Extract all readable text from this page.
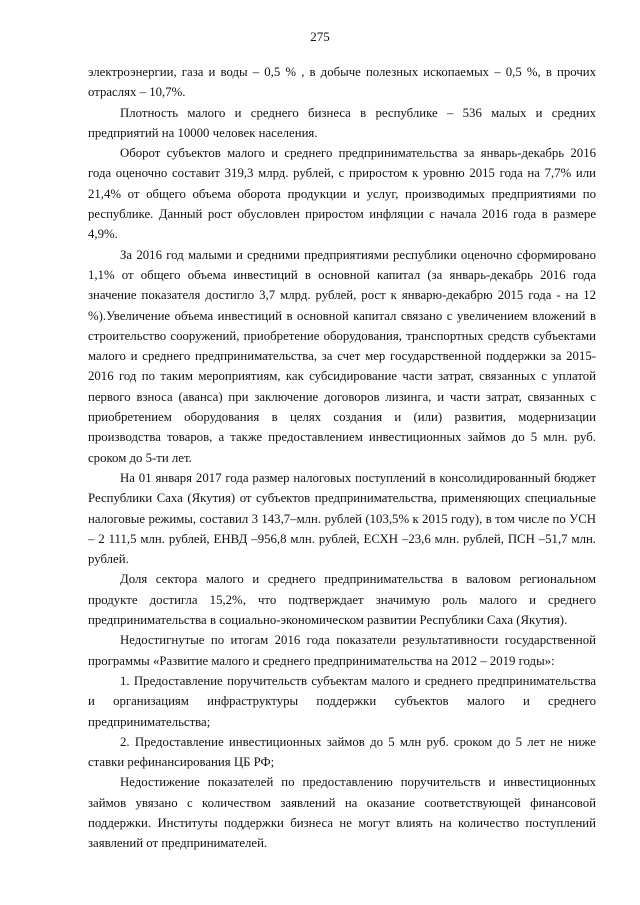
275

электроэнергии, газа и воды – 0,5 % , в добыче полезных ископаемых – 0,5 %, в прочих отраслях – 10,7%.

Плотность малого и среднего бизнеса в республике – 536 малых и средних предприятий на 10000 человек населения.

Оборот субъектов малого и среднего предпринимательства за январь-декабрь 2016 года оценочно составит 319,3 млрд. рублей, с приростом к уровню 2015 года на 7,7% или 21,4% от общего объема оборота продукции и услуг, производимых предприятиями по республике. Данный рост обусловлен приростом инфляции с начала 2016 года в размере 4,9%.

За 2016 год малыми и средними предприятиями республики оценочно сформировано 1,1% от общего объема инвестиций в основной капитал (за январь-декабрь 2016 года значение показателя достигло 3,7 млрд. рублей, рост к январю-декабрю 2015 года - на 12 %).Увеличение объема инвестиций в основной капитал связано с увеличением вложений в строительство сооружений, приобретение оборудования, транспортных средств субъектами малого и среднего предпринимательства, за счет мер государственной поддержки за 2015-2016 год по таким мероприятиям, как субсидирование части затрат, связанных с уплатой первого взноса (аванса) при заключение договоров лизинга, и части затрат, связанных с приобретением оборудования в целях создания и (или) развития, модернизации производства товаров, а также предоставлением инвестиционных займов до 5 млн. руб. сроком до 5-ти лет.

На 01 января 2017 года размер налоговых поступлений в консолидированный бюджет Республики Саха (Якутия) от субъектов предпринимательства, применяющих специальные налоговые режимы, составил 3 143,7–млн. рублей (103,5% к 2015 году), в том числе по УСН – 2 111,5 млн. рублей, ЕНВД –956,8 млн. рублей, ЕСХН –23,6 млн. рублей, ПСН –51,7 млн. рублей.

Доля сектора малого и среднего предпринимательства в валовом региональном продукте достигла 15,2%, что подтверждает значимую роль малого и среднего предпринимательства в социально-экономическом развитии Республики Саха (Якутия).

Недостигнутые по итогам 2016 года показатели результативности государственной программы «Развитие малого и среднего предпринимательства на 2012 – 2019 годы»:

1. Предоставление поручительств субъектам малого и среднего предпринимательства и организациям инфраструктуры поддержки субъектов малого и среднего предпринимательства;

2. Предоставление инвестиционных займов до 5 млн руб. сроком до 5 лет не ниже ставки рефинансирования ЦБ РФ;

Недостижение показателей по предоставлению поручительств и инвестиционных займов увязано с количеством заявлений на оказание соответствующей финансовой поддержки. Институты поддержки бизнеса не могут влиять на количество поступлений заявлений от предпринимателей.
